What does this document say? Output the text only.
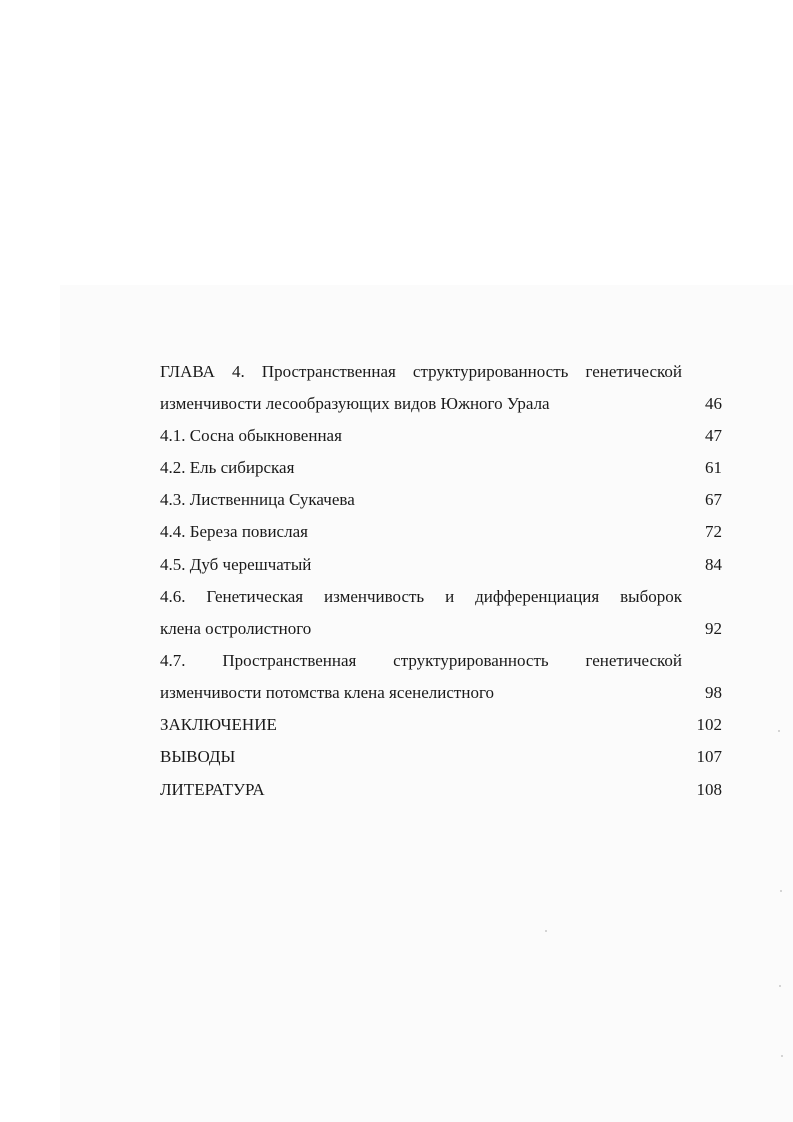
ГЛАВА 4. Пространственная структурированность генетической
изменчивости лесообразующих видов Южного Урала	46
4.1. Сосна обыкновенная	47
4.2. Ель сибирская	61
4.3. Лиственница Сукачева	67
4.4. Береза повислая	72
4.5. Дуб черешчатый	84
4.6. Генетическая изменчивость и дифференциация выборок
клена остролистного	92
4.7. Пространственная структурированность генетической
изменчивости потомства клена ясенелистного	98
ЗАКЛЮЧЕНИЕ	102
ВЫВОДЫ	107
ЛИТЕРАТУРА	108
